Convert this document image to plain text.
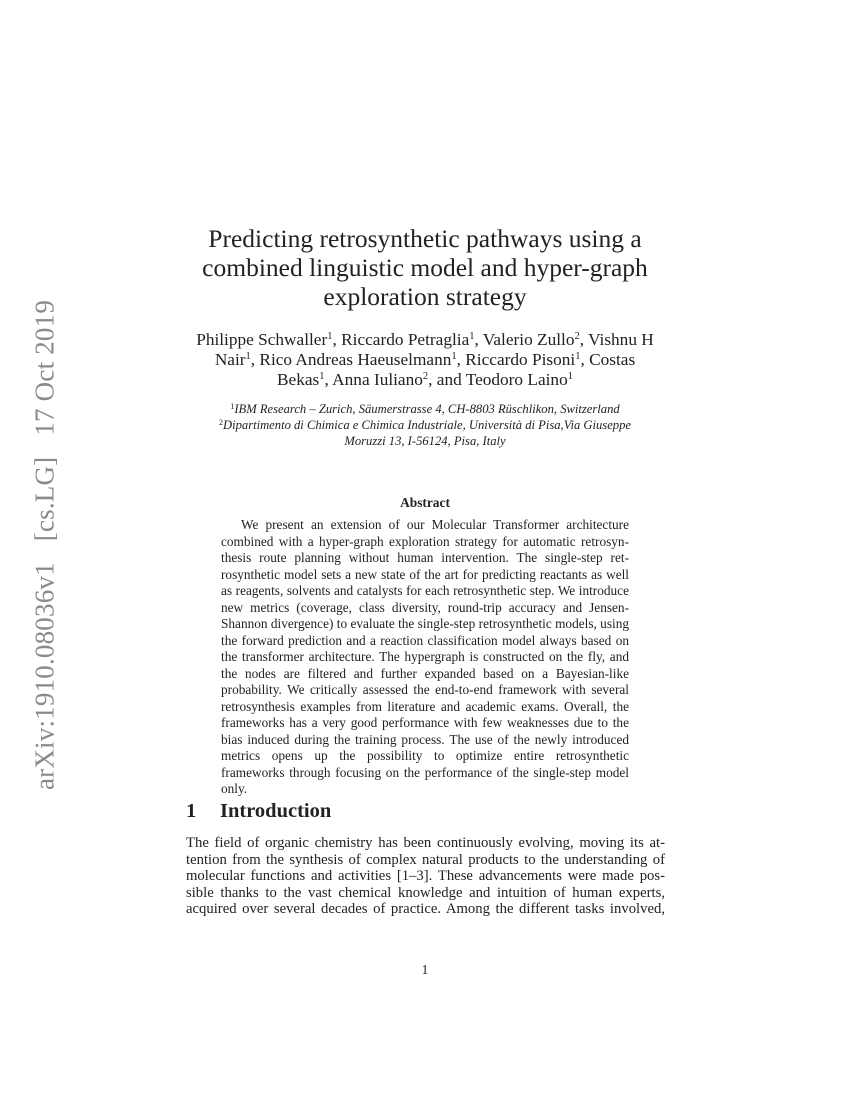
arXiv:1910.08036v1 [cs.LG] 17 Oct 2019
Predicting retrosynthetic pathways using a
combined linguistic model and hyper-graph
exploration strategy
Philippe Schwaller$^1$, Riccardo Petraglia$^1$, Valerio Zullo$^2$, Vishnu H
Nair$^1$, Rico Andreas Haeuselmann$^1$, Riccardo Pisoni$^1$, Costas
Bekas$^1$, Anna Iuliano$^2$, and Teodoro Laino$^1$
$^1$IBM Research – Zurich, Säumerstrasse 4, CH-8803 Rüschlikon, Switzerland
$^2$Dipartimento di Chimica e Chimica Industriale, Università di Pisa,Via Giuseppe
Moruzzi 13, I-56124, Pisa, Italy
Abstract
We present an extension of our Molecular Transformer architecture combined with a hyper-graph exploration strategy for automatic retrosynthesis route planning without human intervention. The single-step retrosynthetic model sets a new state of the art for predicting reactants as well as reagents, solvents and catalysts for each retrosynthetic step. We introduce new metrics (coverage, class diversity, round-trip accuracy and Jensen-Shannon divergence) to evaluate the single-step retrosynthetic models, using the forward prediction and a reaction classification model always based on the transformer architecture. The hypergraph is constructed on the fly, and the nodes are filtered and further expanded based on a Bayesian-like probability. We critically assessed the end-to-end framework with several retrosynthesis examples from literature and academic exams. Overall, the frameworks has a very good performance with few weaknesses due to the bias induced during the training process. The use of the newly introduced metrics opens up the possibility to optimize entire retrosynthetic frameworks through focusing on the performance of the single-step model only.
1 Introduction
The field of organic chemistry has been continuously evolving, moving its at-
tention from the synthesis of complex natural products to the understanding of
molecular functions and activities [1–3]. These advancements were made pos-
sible thanks to the vast chemical knowledge and intuition of human experts,
acquired over several decades of practice. Among the different tasks involved,
1
